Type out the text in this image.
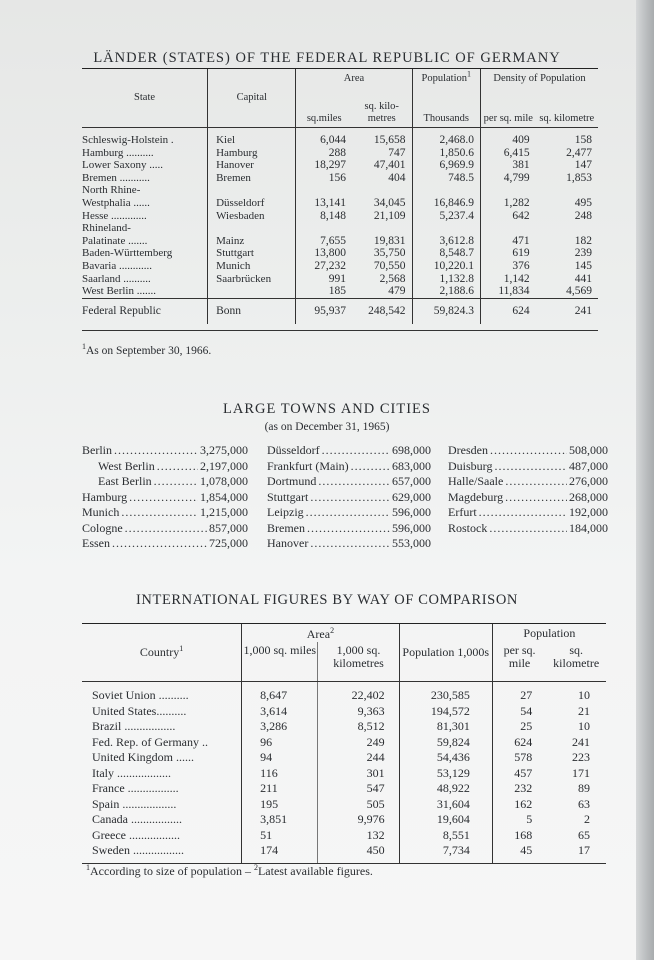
LÄNDER (STATES) OF THE FEDERAL REPUBLIC OF GERMANY
State	Capital	Area		Population$^1$	Density of Population	
		sq.miles	sq. kilo- metres	Thousands	per sq. mile	sq. kilometre
Schleswig-Holstein .	Kiel	6,044	15,658	2,468.0	409	158
Hamburg ..........	Hamburg	288	747	1,850.6	6,415	2,477
Lower Saxony .....	Hanover	18,297	47,401	6,969.9	381	147
Bremen ...........	Bremen	156	404	748.5	4,799	1,853
North Rhine-						
Westphalia ......	Düsseldorf	13,141	34,045	16,846.9	1,282	495
Hesse .............	Wiesbaden	8,148	21,109	5,237.4	642	248
Rhineland-						
Palatinate .......	Mainz	7,655	19,831	3,612.8	471	182
Baden-Württemberg	Stuttgart	13,800	35,750	8,548.7	619	239
Bavaria ............	Munich	27,232	70,550	10,220.1	376	145
Saarland ..........	Saarbrücken	991	2,568	1,132.8	1,142	441
West Berlin .......		185	479	2,188.6	11,834	4,569
Federal Republic	Bonn	95,937	248,542	59,824.3	624	241

$^1$As on September 30, 1966.
LARGE TOWNS AND CITIES
(as on December 31, 1965)
Berlin .....	3,275,000
West Berlin .....	2,197,000
East Berlin .....	1,078,000
Hamburg .....	1,854,000
Munich .....	1,215,000
Cologne .....	857,000
Essen .....	725,000
Düsseldorf .....	698,000
Frankfurt (Main) .....	683,000
Dortmund .....	657,000
Stuttgart .....	629,000
Leipzig .....	596,000
Bremen .....	596,000
Hanover .....	553,000
Dresden .....	508,000
Duisburg .....	487,000
Halle/Saale .....	276,000
Magdeburg .....	268,000
Erfurt .....	192,000
Rostock .....	184,000
INTERNATIONAL FIGURES BY WAY OF COMPARISON
Country$^1$	Area$^2$		Population 1,000s	Population	
	1,000 sq. miles	1,000 sq. kilometres		per sq. mile	sq. kilometre
Soviet Union ..........	8,647	22,402	230,585	27	10
United States..........	3,614	9,363	194,572	54	21
Brazil .................	3,286	8,512	81,301	25	10
Fed. Rep. of Germany ..	96	249	59,824	624	241
United Kingdom ......	94	244	54,436	578	223
Italy ..................	116	301	53,129	457	171
France .................	211	547	48,922	232	89
Spain ..................	195	505	31,604	162	63
Canada .................	3,851	9,976	19,604	5	2
Greece .................	51	132	8,551	168	65
Sweden .................	174	450	7,734	45	17
$^1$According to size of population – $^2$Latest available figures.
